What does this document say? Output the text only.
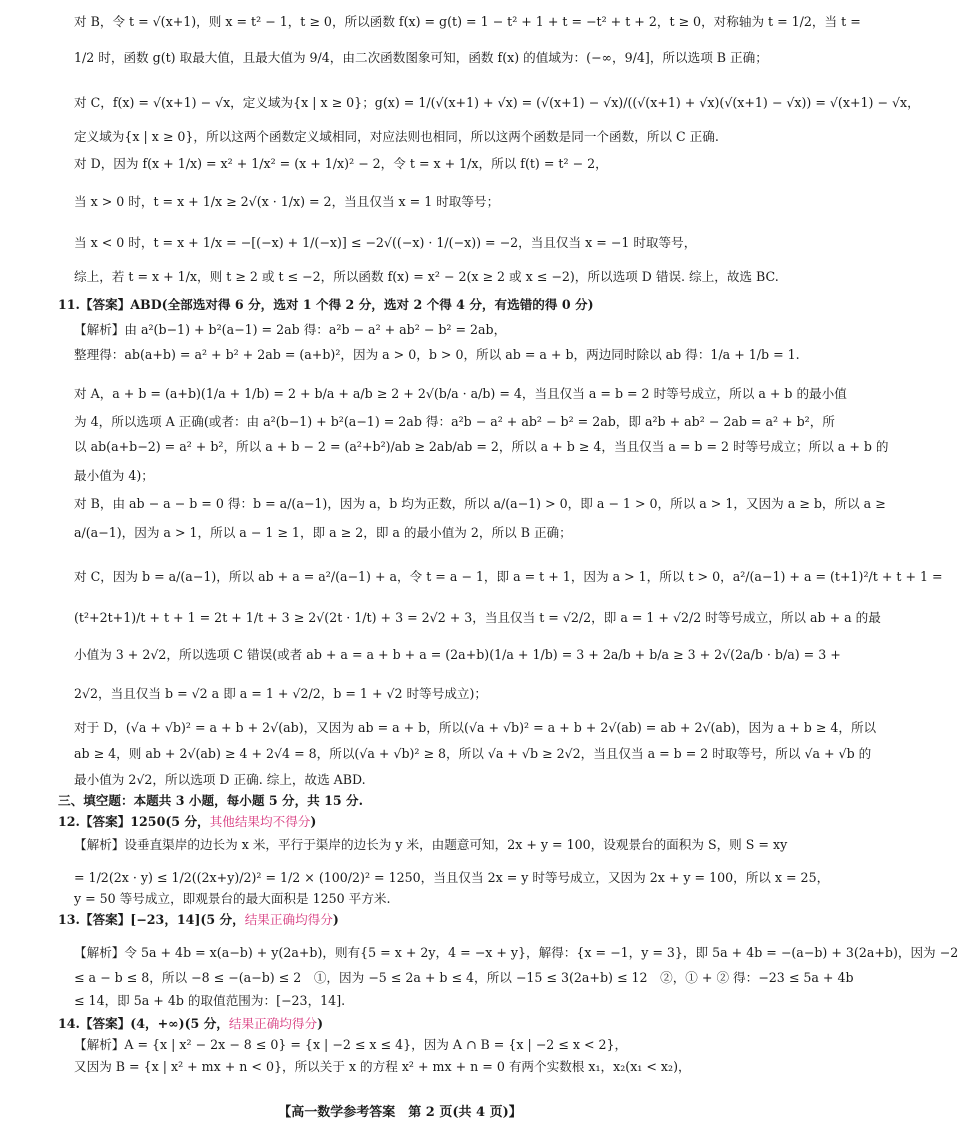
对 B，令 t = √(x+1)，则 x = t² − 1，t ≥ 0，所以函数 f(x) = g(t) = 1 − t² + 1 + t = −t² + t + 2，t ≥ 0，对称轴为 t = 1/2，当 t =
1/2 时，函数 g(t) 取最大值，且最大值为 9/4，由二次函数图象可知，函数 f(x) 的值域为：(−∞，9/4]，所以选项 B 正确；
对 C，f(x) = √(x+1) − √x，定义域为{x | x ≥ 0}；g(x) = 1/(√(x+1) + √x) = (√(x+1) − √x)/((√(x+1) + √x)(√(x+1) − √x)) = √(x+1) − √x，
定义域为{x | x ≥ 0}，所以这两个函数定义域相同，对应法则也相同，所以这两个函数是同一个函数，所以 C 正确.
对 D，因为 f(x + 1/x) = x² + 1/x² = (x + 1/x)² − 2，令 t = x + 1/x，所以 f(t) = t² − 2，
当 x > 0 时，t = x + 1/x ≥ 2√(x · 1/x) = 2，当且仅当 x = 1 时取等号；
当 x < 0 时，t = x + 1/x = −[(−x) + 1/(−x)] ≤ −2√((−x) · 1/(−x)) = −2，当且仅当 x = −1 时取等号，
综上，若 t = x + 1/x，则 t ≥ 2 或 t ≤ −2，所以函数 f(x) = x² − 2(x ≥ 2 或 x ≤ −2)，所以选项 D 错误. 综上，故选 BC.
11.【答案】ABD(全部选对得 6 分，选对 1 个得 2 分，选对 2 个得 4 分，有选错的得 0 分)
【解析】由 a²(b−1) + b²(a−1) = 2ab 得：a²b − a² + ab² − b² = 2ab，
整理得：ab(a+b) = a² + b² + 2ab = (a+b)²，因为 a > 0，b > 0，所以 ab = a + b，两边同时除以 ab 得：1/a + 1/b = 1.
对 A，a + b = (a+b)(1/a + 1/b) = 2 + b/a + a/b ≥ 2 + 2√(b/a · a/b) = 4，当且仅当 a = b = 2 时等号成立，所以 a + b 的最小值
为 4，所以选项 A 正确(或者：由 a²(b−1) + b²(a−1) = 2ab 得：a²b − a² + ab² − b² = 2ab，即 a²b + ab² − 2ab = a² + b²，所
以 ab(a+b−2) = a² + b²，所以 a + b − 2 = (a²+b²)/ab ≥ 2ab/ab = 2，所以 a + b ≥ 4，当且仅当 a = b = 2 时等号成立；所以 a + b 的
最小值为 4)；
对 B，由 ab − a − b = 0 得：b = a/(a−1)，因为 a，b 均为正数，所以 a/(a−1) > 0，即 a − 1 > 0，所以 a > 1，又因为 a ≥ b，所以 a ≥
a/(a−1)，因为 a > 1，所以 a − 1 ≥ 1，即 a ≥ 2，即 a 的最小值为 2，所以 B 正确；
对 C，因为 b = a/(a−1)，所以 ab + a = a²/(a−1) + a，令 t = a − 1，即 a = t + 1，因为 a > 1，所以 t > 0，a²/(a−1) + a = (t+1)²/t + t + 1 =
(t²+2t+1)/t + t + 1 = 2t + 1/t + 3 ≥ 2√(2t · 1/t) + 3 = 2√2 + 3，当且仅当 t = √2/2，即 a = 1 + √2/2 时等号成立，所以 ab + a 的最
小值为 3 + 2√2，所以选项 C 错误(或者 ab + a = a + b + a = (2a+b)(1/a + 1/b) = 3 + 2a/b + b/a ≥ 3 + 2√(2a/b · b/a) = 3 +
2√2，当且仅当 b = √2 a 即 a = 1 + √2/2，b = 1 + √2 时等号成立)；
对于 D，(√a + √b)² = a + b + 2√(ab)，又因为 ab = a + b，所以(√a + √b)² = a + b + 2√(ab) = ab + 2√(ab)，因为 a + b ≥ 4，所以
ab ≥ 4，则 ab + 2√(ab) ≥ 4 + 2√4 = 8，所以(√a + √b)² ≥ 8，所以 √a + √b ≥ 2√2，当且仅当 a = b = 2 时取等号，所以 √a + √b 的
最小值为 2√2，所以选项 D 正确. 综上，故选 ABD.
三、填空题：本题共 3 小题，每小题 5 分，共 15 分.
12.【答案】1250(5 分，其他结果均不得分)
【解析】设垂直渠岸的边长为 x 米，平行于渠岸的边长为 y 米，由题意可知，2x + y = 100，设观景台的面积为 S，则 S = xy
= 1/2(2x · y) ≤ 1/2((2x+y)/2)² = 1/2 × (100/2)² = 1250，当且仅当 2x = y 时等号成立，又因为 2x + y = 100，所以 x = 25，
y = 50 等号成立，即观景台的最大面积是 1250 平方米.
13.【答案】[−23，14](5 分，结果正确均得分)
【解析】令 5a + 4b = x(a−b) + y(2a+b)，则有{5 = x + 2y，4 = −x + y}，解得：{x = −1，y = 3}，即 5a + 4b = −(a−b) + 3(2a+b)，因为 −2
≤ a − b ≤ 8，所以 −8 ≤ −(a−b) ≤ 2　①，因为 −5 ≤ 2a + b ≤ 4，所以 −15 ≤ 3(2a+b) ≤ 12　②，① + ② 得：−23 ≤ 5a + 4b
≤ 14，即 5a + 4b 的取值范围为：[−23，14].
14.【答案】(4，+∞)(5 分，结果正确均得分)
【解析】A = {x | x² − 2x − 8 ≤ 0} = {x | −2 ≤ x ≤ 4}，因为 A ∩ B = {x | −2 ≤ x < 2}，
又因为 B = {x | x² + mx + n < 0}，所以关于 x 的方程 x² + mx + n = 0 有两个实数根 x₁，x₂(x₁ < x₂)，
【高一数学参考答案　第 2 页(共 4 页)】
